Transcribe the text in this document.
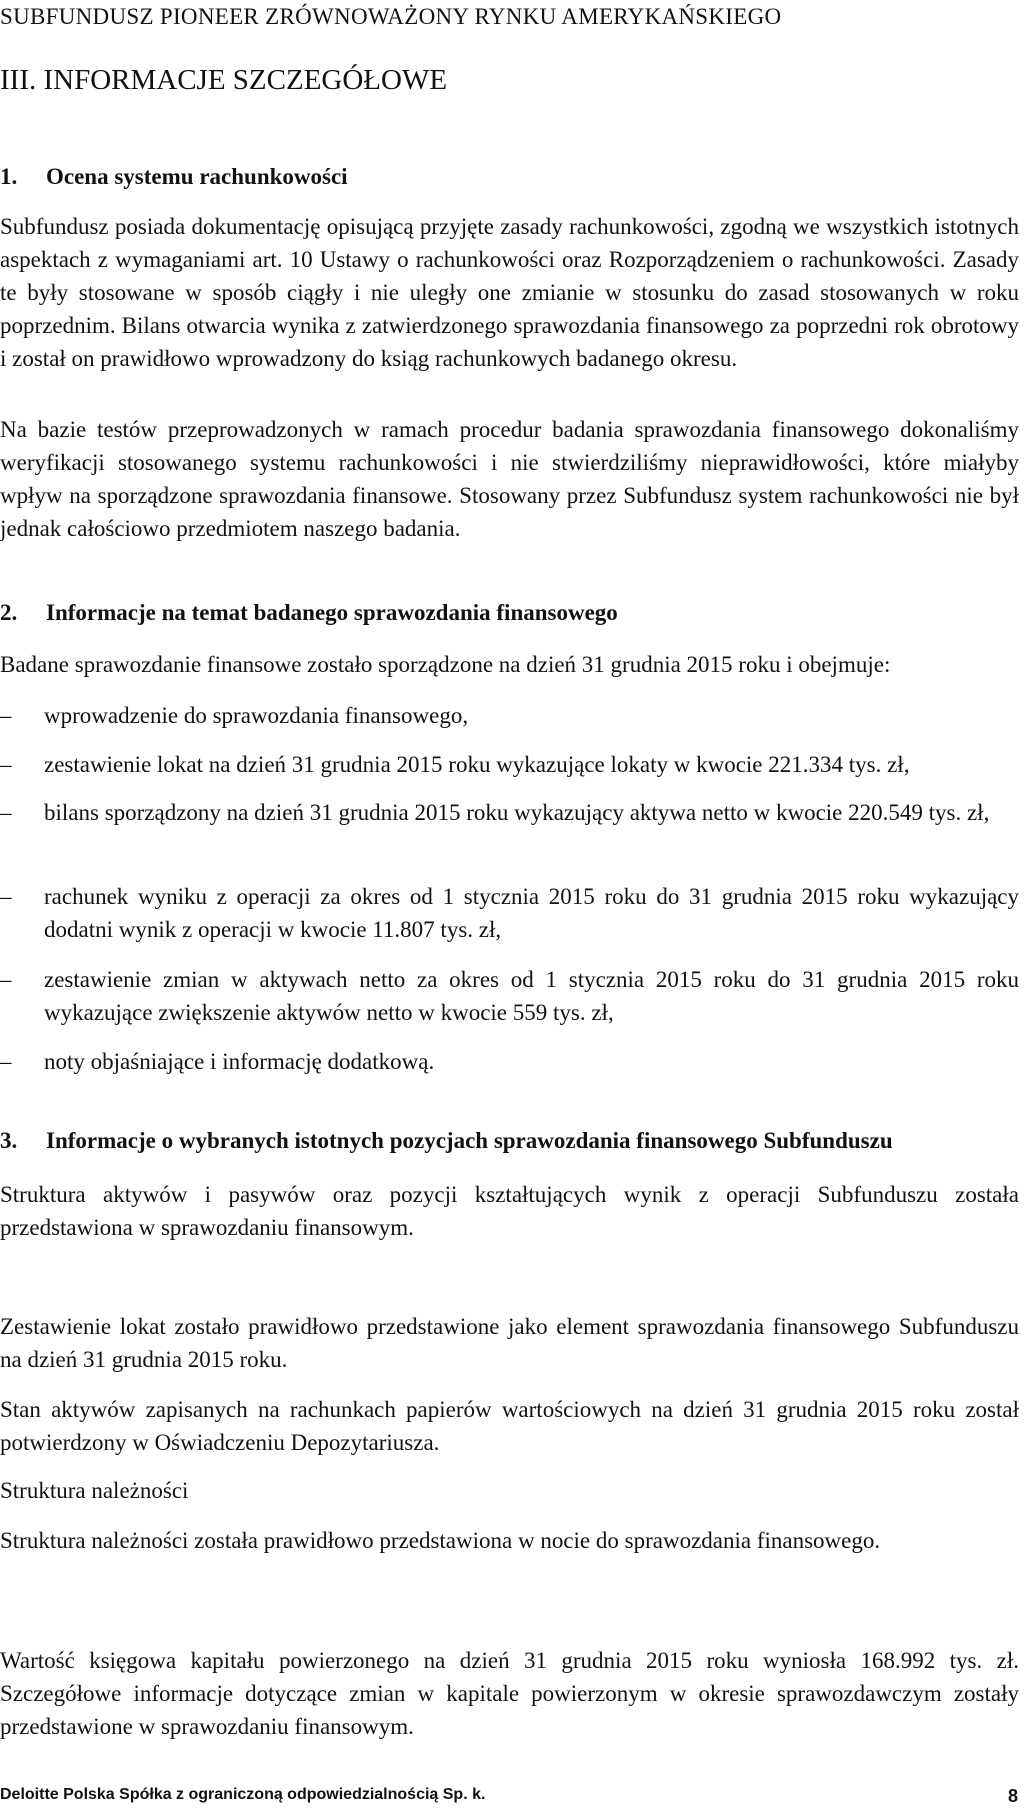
SUBFUNDUSZ PIONEER ZRÓWNOWAŻONY RYNKU AMERYKAŃSKIEGO
III. INFORMACJE SZCZEGÓŁOWE
1. Ocena systemu rachunkowości

Subfundusz posiada dokumentację opisującą przyjęte zasady rachunkowości, zgodną we wszystkich istotnych aspektach z wymaganiami art. 10 Ustawy o rachunkowości oraz Rozporządzeniem o rachunkowości. Zasady te były stosowane w sposób ciągły i nie uległy one zmianie w stosunku do zasad stosowanych w roku poprzednim. Bilans otwarcia wynika z zatwierdzonego sprawozdania finansowego za poprzedni rok obrotowy i został on prawidłowo wprowadzony do ksiąg rachunkowych badanego okresu.

Na bazie testów przeprowadzonych w ramach procedur badania sprawozdania finansowego dokonaliśmy weryfikacji stosowanego systemu rachunkowości i nie stwierdziliśmy nieprawidłowości, które miałyby wpływ na sporządzone sprawozdania finansowe. Stosowany przez Subfundusz system rachunkowości nie był jednak całościowo przedmiotem naszego badania.

2. Informacje na temat badanego sprawozdania finansowego

Badane sprawozdanie finansowe zostało sporządzone na dzień 31 grudnia 2015 roku i obejmuje:

– wprowadzenie do sprawozdania finansowego,
– zestawienie lokat na dzień 31 grudnia 2015 roku wykazujące lokaty w kwocie 221.334 tys. zł,
– bilans sporządzony na dzień 31 grudnia 2015 roku wykazujący aktywa netto w kwocie 220.549 tys. zł,
– rachunek wyniku z operacji za okres od 1 stycznia 2015 roku do 31 grudnia 2015 roku wykazujący dodatni wynik z operacji w kwocie 11.807 tys. zł,
– zestawienie zmian w aktywach netto za okres od 1 stycznia 2015 roku do 31 grudnia 2015 roku wykazujące zwiększenie aktywów netto w kwocie 559 tys. zł,
– noty objaśniające i informację dodatkową.
3. Informacje o wybranych istotnych pozycjach sprawozdania finansowego Subfunduszu

Struktura aktywów i pasywów oraz pozycji kształtujących wynik z operacji Subfunduszu została przedstawiona w sprawozdaniu finansowym.

Zestawienie lokat zostało prawidłowo przedstawione jako element sprawozdania finansowego Subfunduszu na dzień 31 grudnia 2015 roku.

Stan aktywów zapisanych na rachunkach papierów wartościowych na dzień 31 grudnia 2015 roku został potwierdzony w Oświadczeniu Depozytariusza.

Struktura należności

Struktura należności została prawidłowo przedstawiona w nocie do sprawozdania finansowego.

Wartość księgowa kapitału powierzonego na dzień 31 grudnia 2015 roku wyniosła 168.992 tys. zł. Szczegółowe informacje dotyczące zmian w kapitale powierzonym w okresie sprawozdawczym zostały przedstawione w sprawozdaniu finansowym.

Deloitte Polska Spółka z ograniczoną odpowiedzialnością Sp. k.	8
